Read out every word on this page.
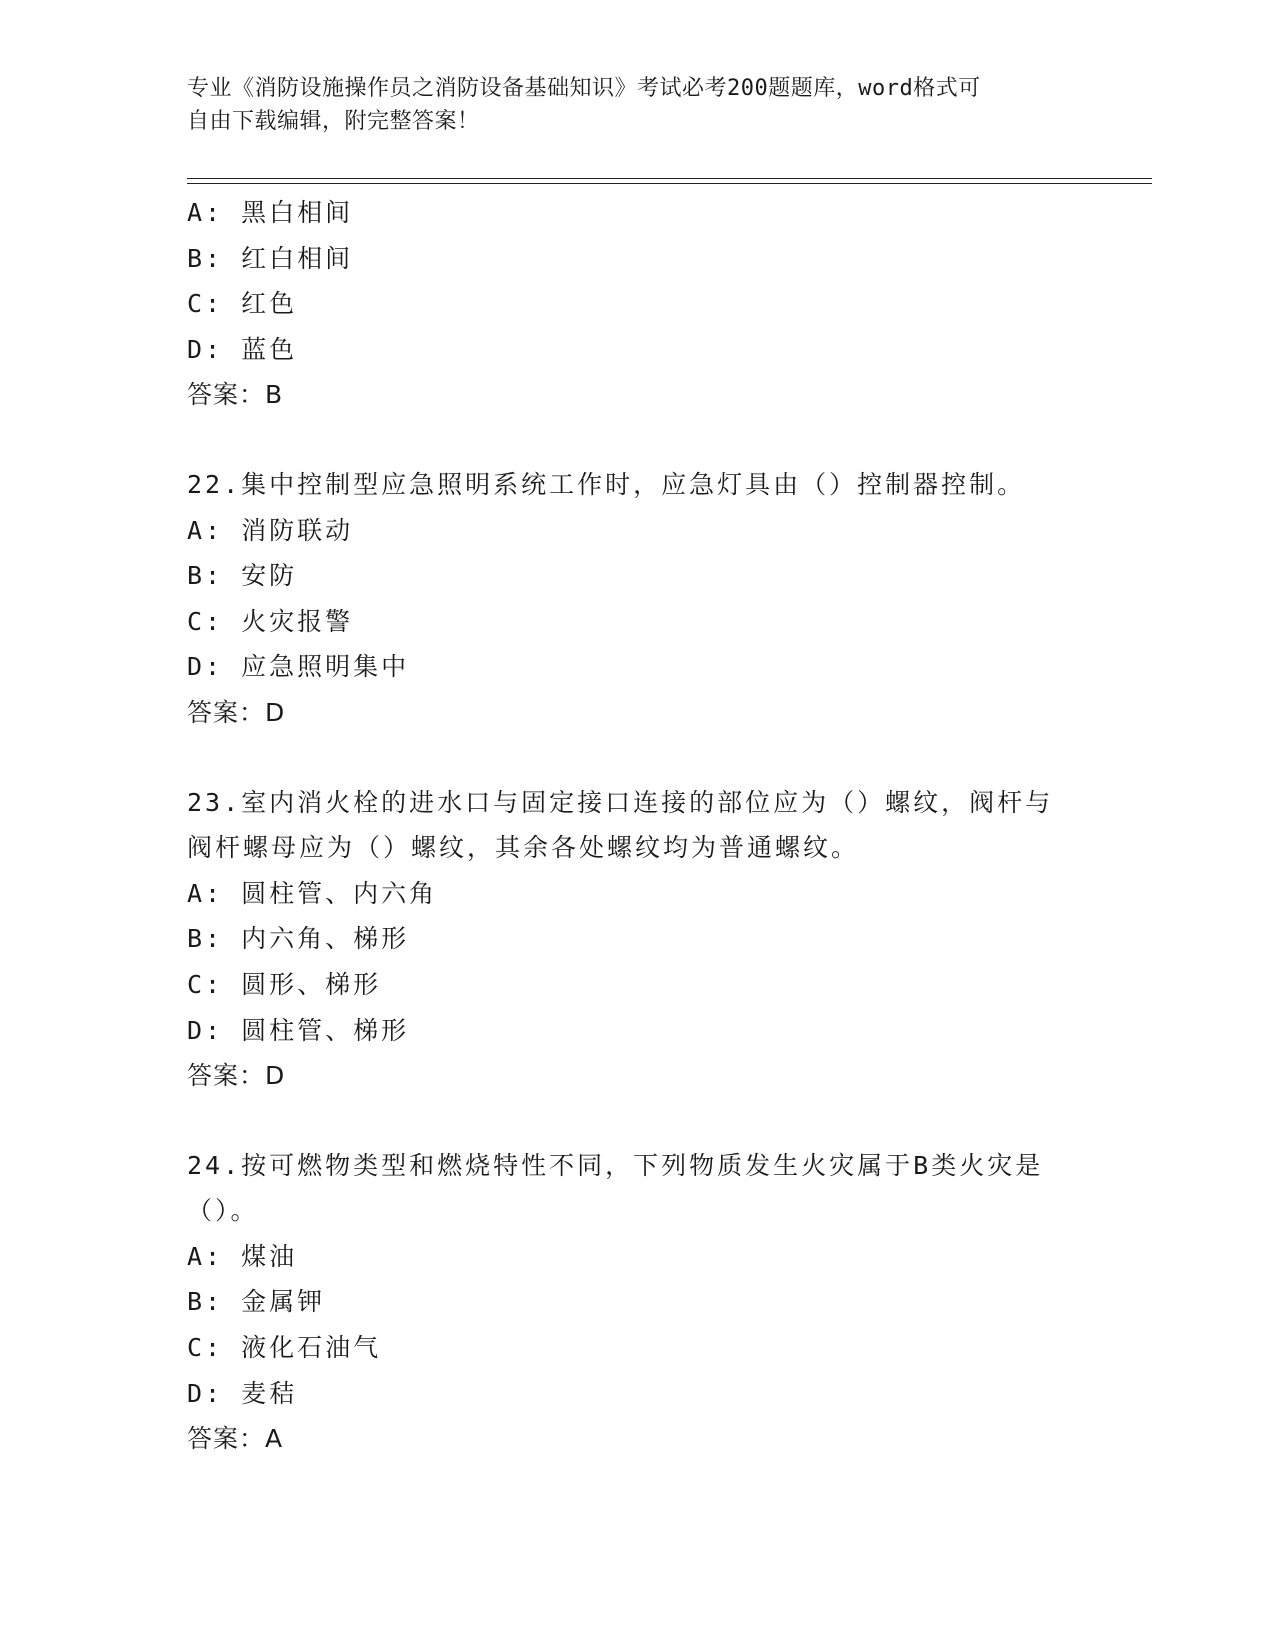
专业《消防设施操作员之消防设备基础知识》考试必考200题题库，word格式可
自由下载编辑，附完整答案！
A: 黑白相间
B: 红白相间
C: 红色
D: 蓝色
答案：B
22.集中控制型应急照明系统工作时，应急灯具由（）控制器控制。
A: 消防联动
B: 安防
C: 火灾报警
D: 应急照明集中
答案：D
23.室内消火栓的进水口与固定接口连接的部位应为（）螺纹，阀杆与
阀杆螺母应为（）螺纹，其余各处螺纹均为普通螺纹。
A: 圆柱管、内六角
B: 内六角、梯形
C: 圆形、梯形
D: 圆柱管、梯形
答案：D
24.按可燃物类型和燃烧特性不同，下列物质发生火灾属于B类火灾是
（）。
A: 煤油
B: 金属钾
C: 液化石油气
D: 麦秸
答案：A
